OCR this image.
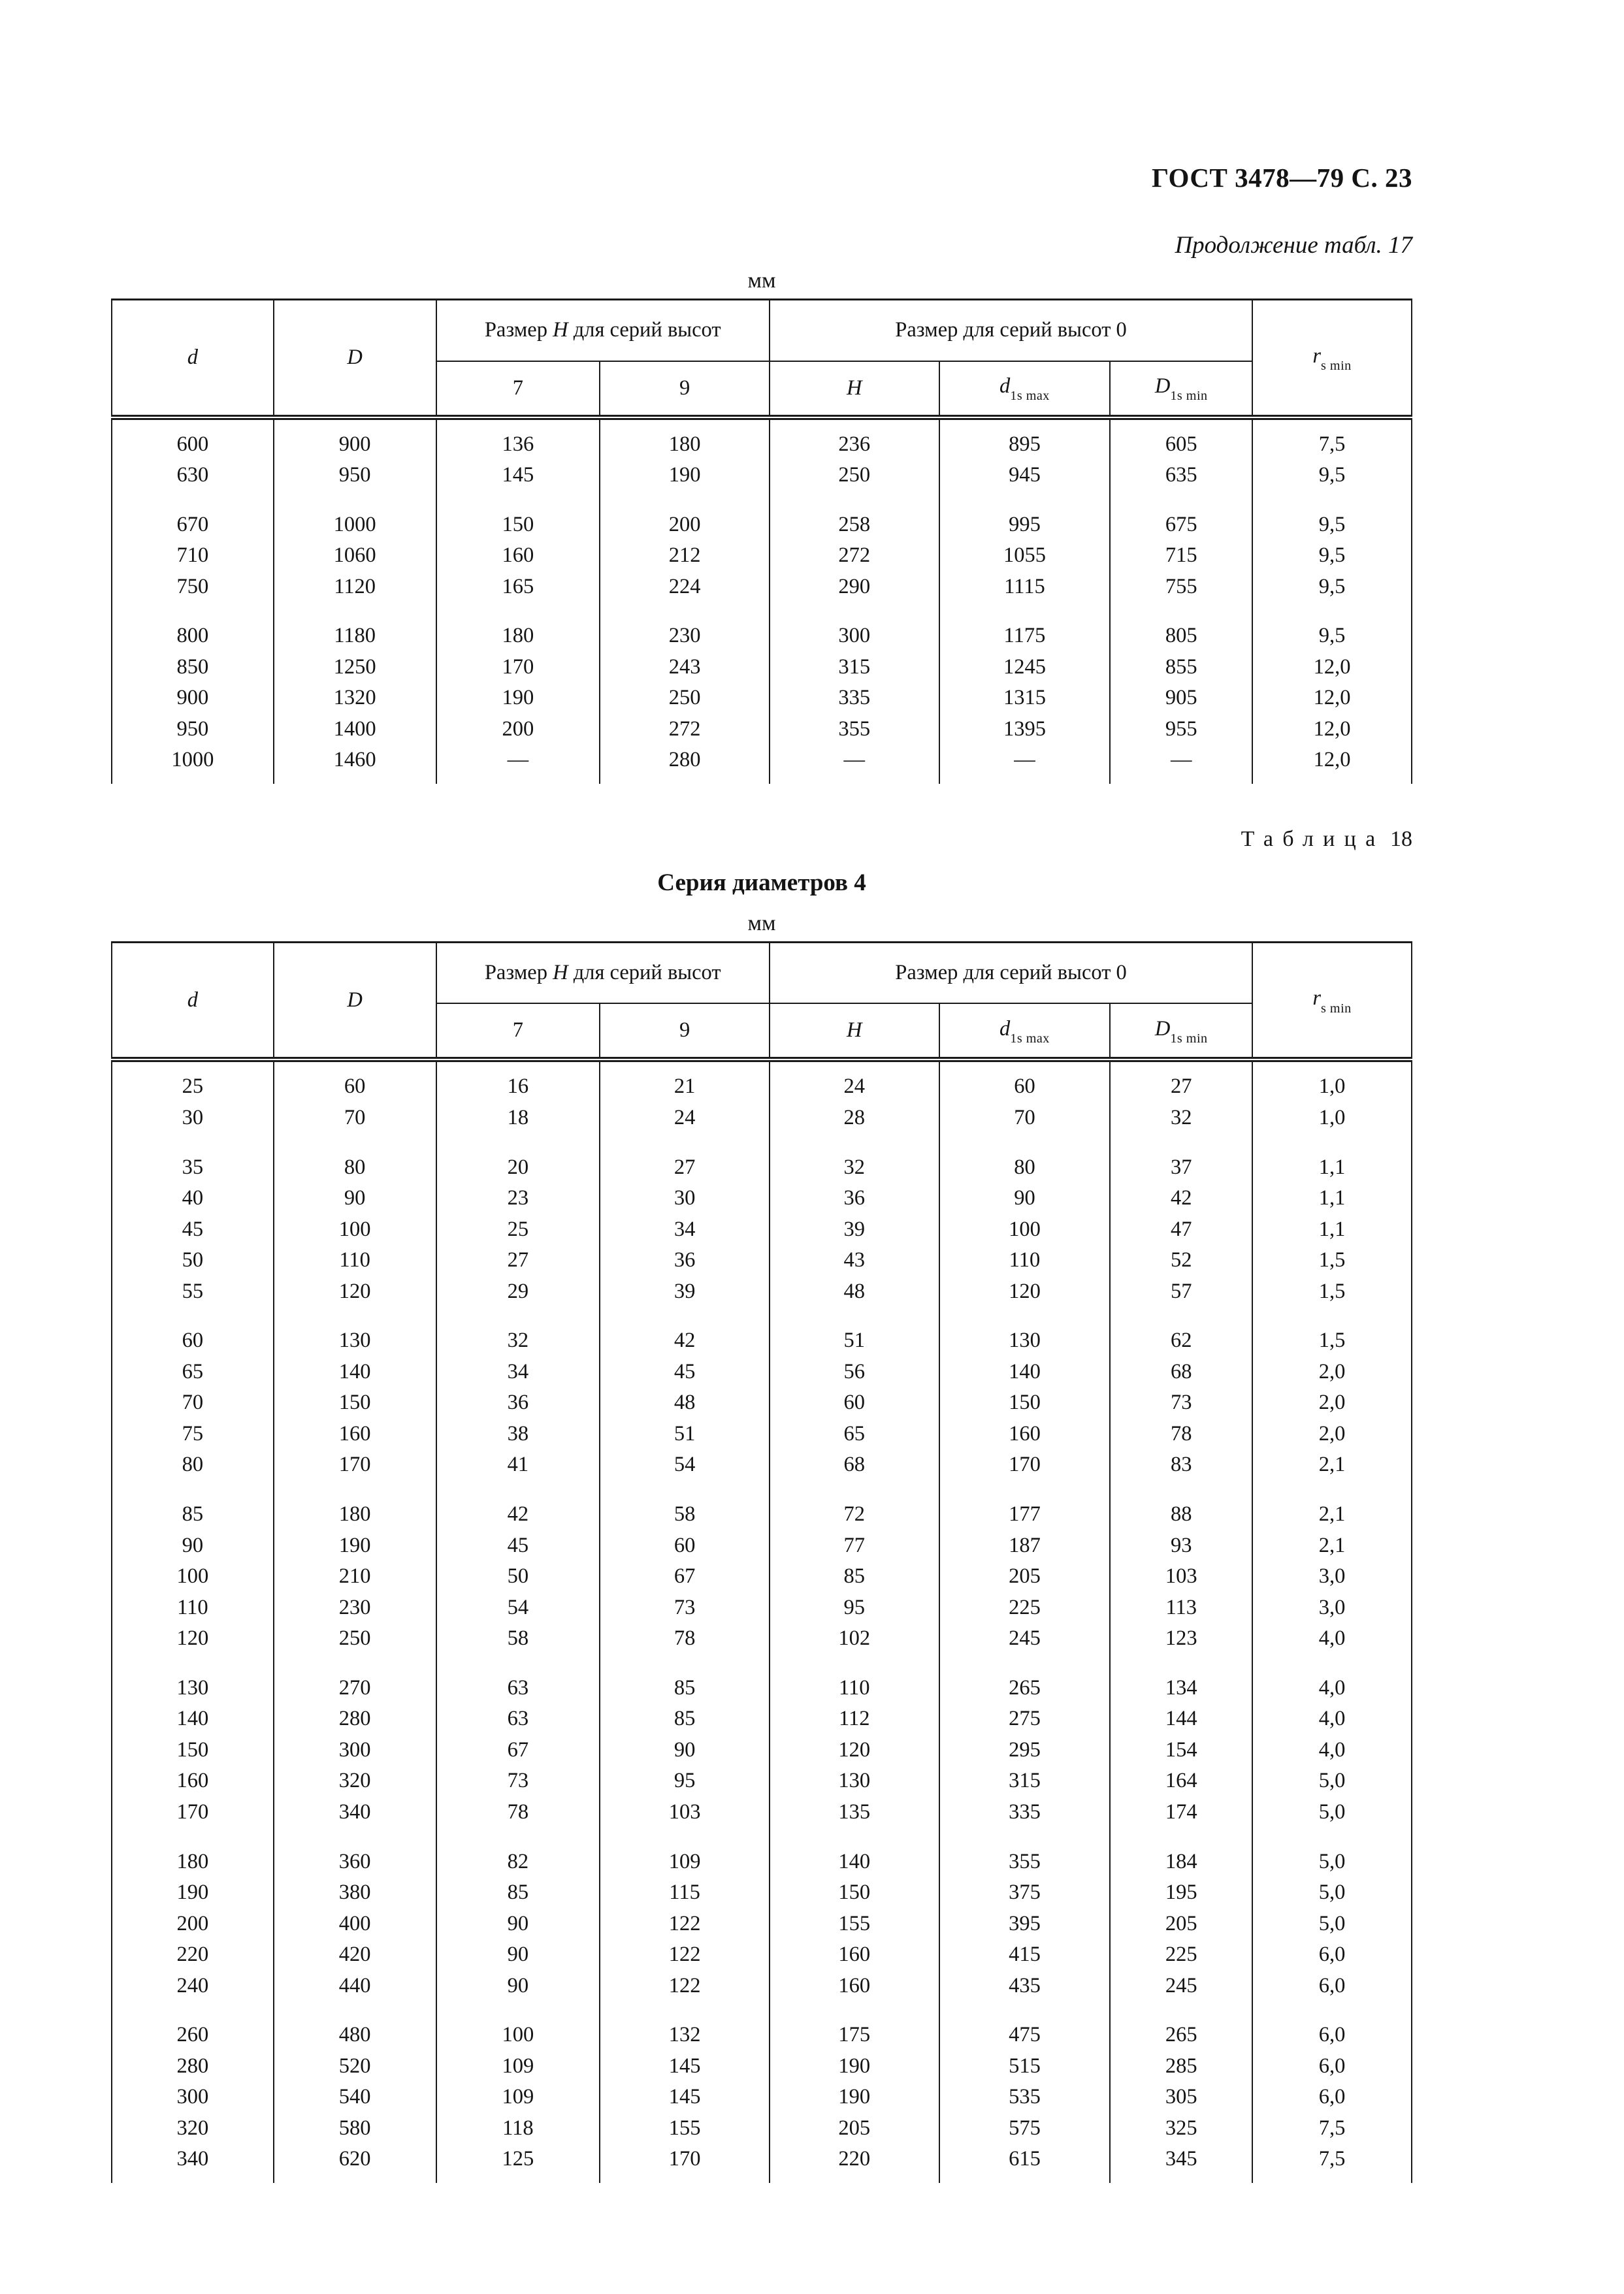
ГОСТ 3478—79 С. 23
Продолжение табл. 17
мм
d	D	Размер H для серий высот		Размер для серий высот 0			$r_{s min}$
		7	9	H	$d_{1s max}$	$D_{1s min}$
600	900	136	180	236	895	605	7,5
630	950	145	190	250	945	635	9,5
670	1000	150	200	258	995	675	9,5
710	1060	160	212	272	1055	715	9,5
750	1120	165	224	290	1115	755	9,5
800	1180	180	230	300	1175	805	9,5
850	1250	170	243	315	1245	855	12,0
900	1320	190	250	335	1315	905	12,0
950	1400	200	272	355	1395	955	12,0
1000	1460	—	280	—	—	—	12,0
Таблица 18
Серия диаметров 4
мм
d	D	Размер H для серий высот		Размер для серий высот 0			$r_{s min}$
		7	9	H	$d_{1s max}$	$D_{1s min}$
25	60	16	21	24	60	27	1,0
30	70	18	24	28	70	32	1,0
35	80	20	27	32	80	37	1,1
40	90	23	30	36	90	42	1,1
45	100	25	34	39	100	47	1,1
50	110	27	36	43	110	52	1,5
55	120	29	39	48	120	57	1,5
60	130	32	42	51	130	62	1,5
65	140	34	45	56	140	68	2,0
70	150	36	48	60	150	73	2,0
75	160	38	51	65	160	78	2,0
80	170	41	54	68	170	83	2,1
85	180	42	58	72	177	88	2,1
90	190	45	60	77	187	93	2,1
100	210	50	67	85	205	103	3,0
110	230	54	73	95	225	113	3,0
120	250	58	78	102	245	123	4,0
130	270	63	85	110	265	134	4,0
140	280	63	85	112	275	144	4,0
150	300	67	90	120	295	154	4,0
160	320	73	95	130	315	164	5,0
170	340	78	103	135	335	174	5,0
180	360	82	109	140	355	184	5,0
190	380	85	115	150	375	195	5,0
200	400	90	122	155	395	205	5,0
220	420	90	122	160	415	225	6,0
240	440	90	122	160	435	245	6,0
260	480	100	132	175	475	265	6,0
280	520	109	145	190	515	285	6,0
300	540	109	145	190	535	305	6,0
320	580	118	155	205	575	325	7,5
340	620	125	170	220	615	345	7,5
